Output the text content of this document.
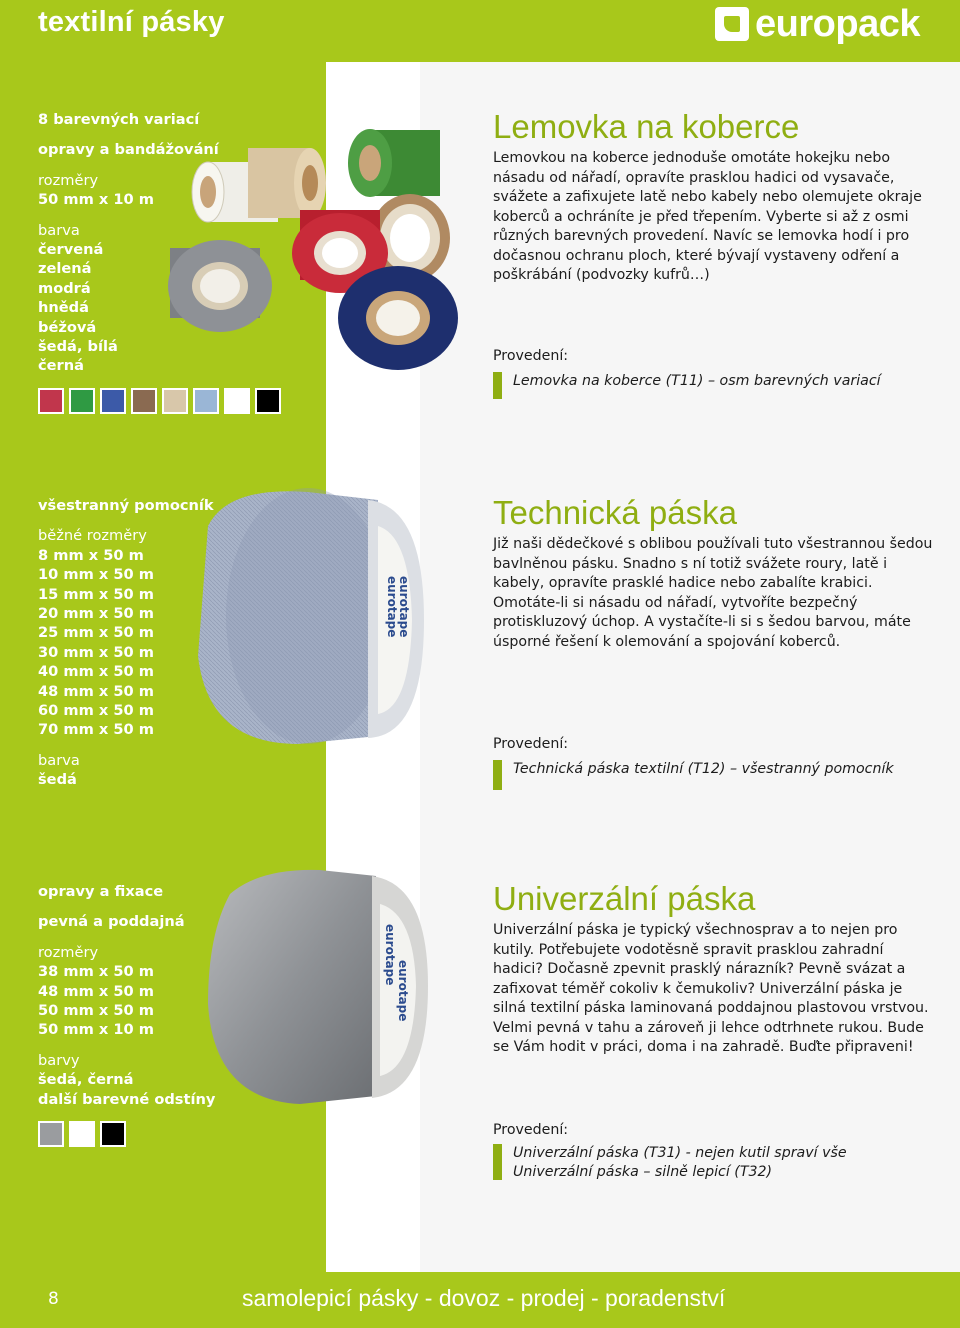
textilní pásky	europack
8 barevných variací
opravy a bandážování
rozměry
50 mm x 10 m
barva
červená
zelená
modrá
hnědá
béžová
šedá, bílá
černá
Lemovka na koberce

Lemovkou na koberce jednoduše omotáte hokejku nebo násadu od nářadí, opravíte prasklou hadici od vysavače, svážete a zafixujete latě nebo kabely nebo olemujete okraje koberců a ochráníte je před třepením. Vyberte si až z osmi různých barevných provedení. Navíc se lemovka hodí i pro dočasnou ochranu ploch, které bývají vystaveny odření a poškrábání (podvozky kufrů…)

Provedení:
Lemovka na koberce (T11) – osm barevných variací
eurotape
eurotape
všestranný pomocník
běžné rozměry
8 mm x 50 m
10 mm x 50 m
15 mm x 50 m
20 mm x 50 m
25 mm x 50 m
30 mm x 50 m
40 mm x 50 m
48 mm x 50 m
60 mm x 50 m
70 mm x 50 m
barva
šedá
Technická páska

Již naši dědečkové s oblibou používali tuto všestrannou šedou bavlněnou pásku. Snadno s ní totiž svážete roury, latě i kabely, opravíte prasklé hadice nebo zabalíte krabici. Omotáte-li si násadu od nářadí, vytvoříte bezpečný protiskluzový úchop. A vystačíte-li si s šedou barvou, máte úsporné řešení k olemování a spojování koberců.

Provedení:
Technická páska textilní (T12) – všestranný pomocník
eurotape
eurotape
opravy a fixace
pevná a poddajná
rozměry
38 mm x 50 m
48 mm x 50 m
50 mm x 50 m
50 mm x 10 m
barvy
šedá, černá
další barevné odstíny
Univerzální páska

Univerzální páska je typický všechnosprav a to nejen pro kutily. Potřebujete vodotěsně spravit prasklou zahradní hadici? Dočasně zpevnit prasklý nárazník? Pevně svázat a zafixovat téměř cokoliv k čemukoliv? Univerzální páska je silná textilní páska laminovaná poddajnou plastovou vrstvou. Velmi pevná v tahu a zároveň ji lehce odtrhnete rukou. Bude se Vám hodit v práci, doma i na zahradě. Buďte připraveni!

Provedení:
Univerzální páska (T31) - nejen kutil spraví vše
Univerzální páska – silně lepicí (T32)
8	samolepicí pásky - dovoz - prodej - poradenství
